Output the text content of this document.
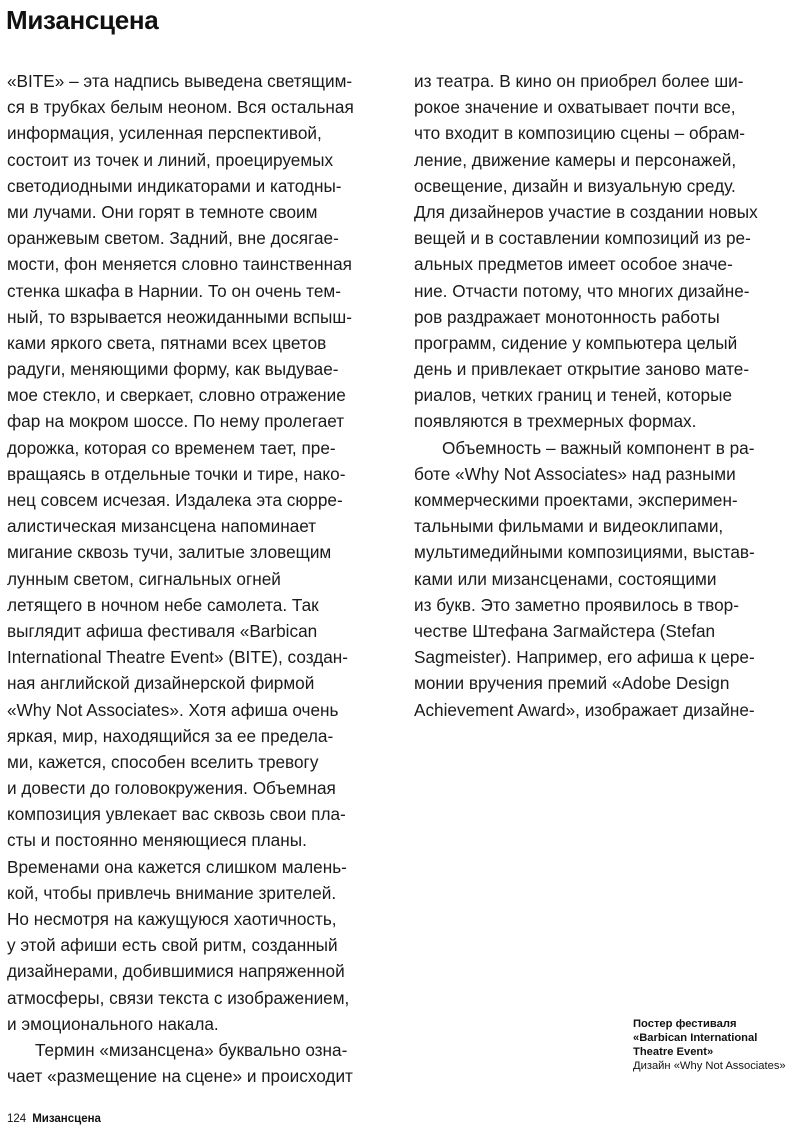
Мизансцена
«BITE» – эта надпись выведена светящим-
ся в трубках белым неоном. Вся остальная
информация, усиленная перспективой,
состоит из точек и линий, проецируемых
светодиодными индикаторами и катодны-
ми лучами. Они горят в темноте своим
оранжевым светом. Задний, вне досягае-
мости, фон меняется словно таинственная
стенка шкафа в Нарнии. То он очень тем-
ный, то взрывается неожиданными вспыш-
ками яркого света, пятнами всех цветов
радуги, меняющими форму, как выдувае-
мое стекло, и сверкает, словно отражение
фар на мокром шоссе. По нему пролегает
дорожка, которая со временем тает, пре-
вращаясь в отдельные точки и тире, нако-
нец совсем исчезая. Издалека эта сюрре-
алистическая мизансцена напоминает
мигание сквозь тучи, залитые зловещим
лунным светом, сигнальных огней
летящего в ночном небе самолета. Так
выглядит афиша фестиваля «Barbican
International Theatre Event» (BITE), создан-
ная английской дизайнерской фирмой
«Why Not Associates». Хотя афиша очень
яркая, мир, находящийся за ее предела-
ми, кажется, способен вселить тревогу
и довести до головокружения. Объемная
композиция увлекает вас сквозь свои пла-
сты и постоянно меняющиеся планы.
Временами она кажется слишком малень-
кой, чтобы привлечь внимание зрителей.
Но несмотря на кажущуюся хаотичность,
у этой афиши есть свой ритм, созданный
дизайнерами, добившимися напряженной
атмосферы, связи текста с изображением,
и эмоционального накала.
Термин «мизансцена» буквально озна-
чает «размещение на сцене» и происходит
из театра. В кино он приобрел более ши-
рокое значение и охватывает почти все,
что входит в композицию сцены – обрам-
ление, движение камеры и персонажей,
освещение, дизайн и визуальную среду.
Для дизайнеров участие в создании новых
вещей и в составлении композиций из ре-
альных предметов имеет особое значе-
ние. Отчасти потому, что многих дизайне-
ров раздражает монотонность работы
программ, сидение у компьютера целый
день и привлекает открытие заново мате-
риалов, четких границ и теней, которые
появляются в трехмерных формах.
Объемность – важный компонент в ра-
боте «Why Not Associates» над разными
коммерческими проектами, эксперимен-
тальными фильмами и видеоклипами,
мультимедийными композициями, выстав-
ками или мизансценами, состоящими
из букв. Это заметно проявилось в твор-
честве Штефана Загмайстера (Stefan
Sagmeister). Например, его афиша к цере-
монии вручения премий «Adobe Design
Achievement Award», изображает дизайне-
Постер фестиваля
«Barbican International
Theatre Event»
Дизайн «Why Not Associates»
124 Мизансцена
